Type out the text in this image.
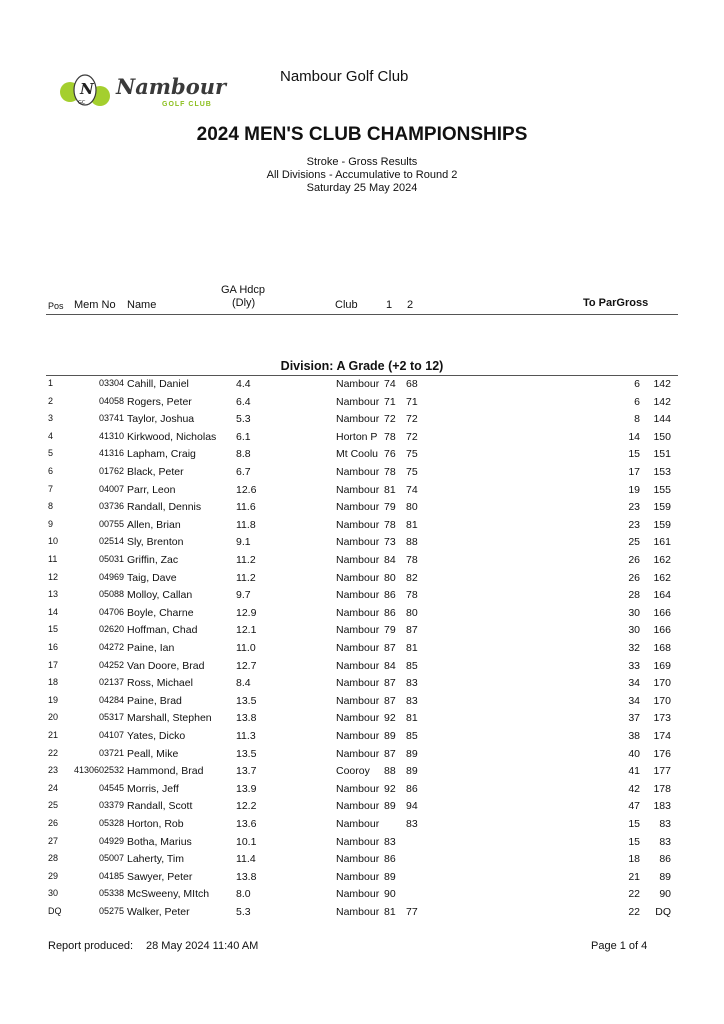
N
GC
Nambour
GOLF CLUB
Nambour Golf Club
2024 MEN'S CLUB CHAMPIONSHIPS
Stroke - Gross Results
All Divisions - Accumulative to Round 2
Saturday 25 May 2024
Pos Mem No Name
GA Hdcp
(Dly)	Club	1 2	To ParGross
Division: A Grade (+2 to 12)
1	03304 Cahill, Daniel	4.4	Nambour 74 68	6 142
2	04058 Rogers, Peter	6.4	Nambour 71 71	6 142
3	03741 Taylor, Joshua	5.3	Nambour 72 72	8 144
4	41310 Kirkwood, Nicholas 6.1	Horton P 78 72	14 150
5	41316 Lapham, Craig	8.8	Mt Coolu 76 75	15 151
6	01762 Black, Peter	6.7	Nambour 78 75	17 153
7	04007 Parr, Leon	12.6	Nambour 81 74	19 155
8	03736 Randall, Dennis	11.6	Nambour 79 80	23 159
9	00755 Allen, Brian	11.8	Nambour 78 81	23 159
10	02514 Sly, Brenton	9.1	Nambour 73 88	25 161
11	05031 Griffin, Zac	11.2	Nambour 84 78	26 162
12	04969 Taig, Dave	11.2	Nambour 80 82	26 162
13	05088 Molloy, Callan	9.7	Nambour 86 78	28 164
14	04706 Boyle, Charne	12.9	Nambour 86 80	30 166
15	02620 Hoffman, Chad	12.1	Nambour 79 87	30 166
16	04272 Paine, Ian	11.0	Nambour 87 81	32 168
17	04252 Van Doore, Brad	12.7	Nambour 84 85	33 169
18	02137 Ross, Michael	8.4	Nambour 87 83	34 170
19	04284 Paine, Brad	13.5	Nambour 87 83	34 170
20	05317 Marshall, Stephen 13.8	Nambour 92 81	37 173
21	04107 Yates, Dicko	11.3	Nambour 89 85	38 174
22	03721 Peall, Mike	13.5	Nambour 87 89	40 176
23	4130602532 Hammond, Brad	13.7	Cooroy	88 89	41 177
24	04545 Morris, Jeff	13.9	Nambour 92 86	42 178
25	03379 Randall, Scott	12.2	Nambour 89 94	47 183
26	05328 Horton, Rob	13.6	Nambour	83	15	83
27	04929 Botha, Marius	10.1	Nambour 83	15	83
28	05007 Laherty, Tim	11.4	Nambour 86	18	86
29	04185 Sawyer, Peter	13.8	Nambour 89	21	89
30	05338 McSweeny, MItch	8.0	Nambour 90	22	90
DQ	05275 Walker, Peter	5.3	Nambour 81 77	22	DQ
Report produced: 28 May 2024 11:40 AM	Page 1 of 4
